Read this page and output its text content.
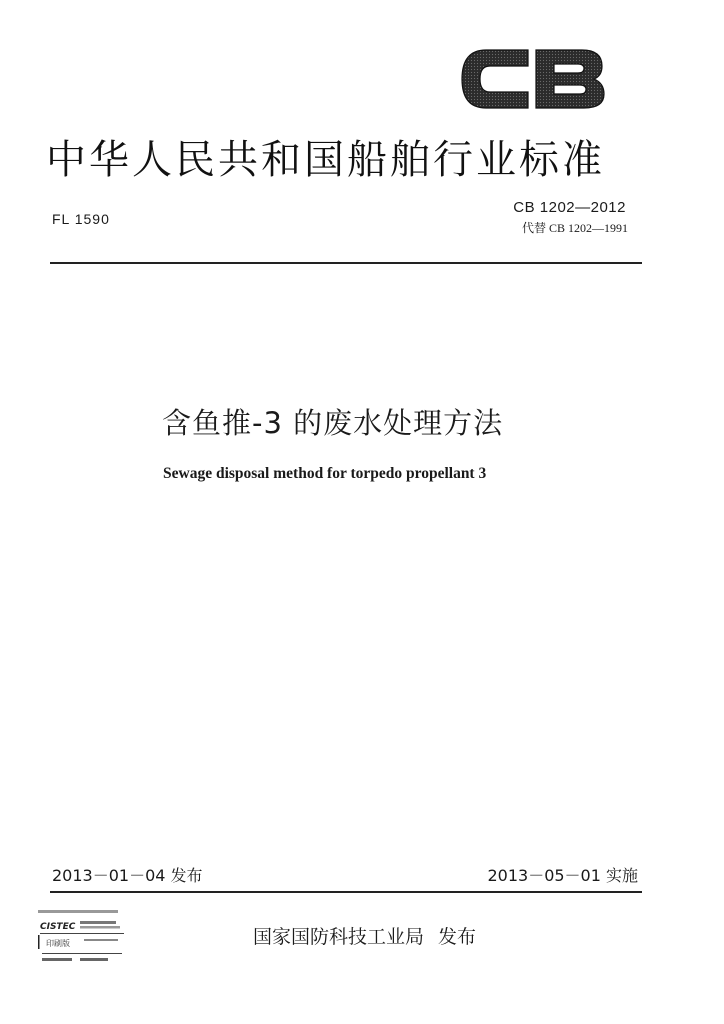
CB
中华人民共和国船舶行业标准
FL 1590
CB 1202—2012
代替 CB 1202—1991
含鱼推-3 的废水处理方法
Sewage disposal method for torpedo propellant 3
2013－01－04 发布	2013－05－01 实施
国家国防科技工业局 发布
CISTEC
印刷版
